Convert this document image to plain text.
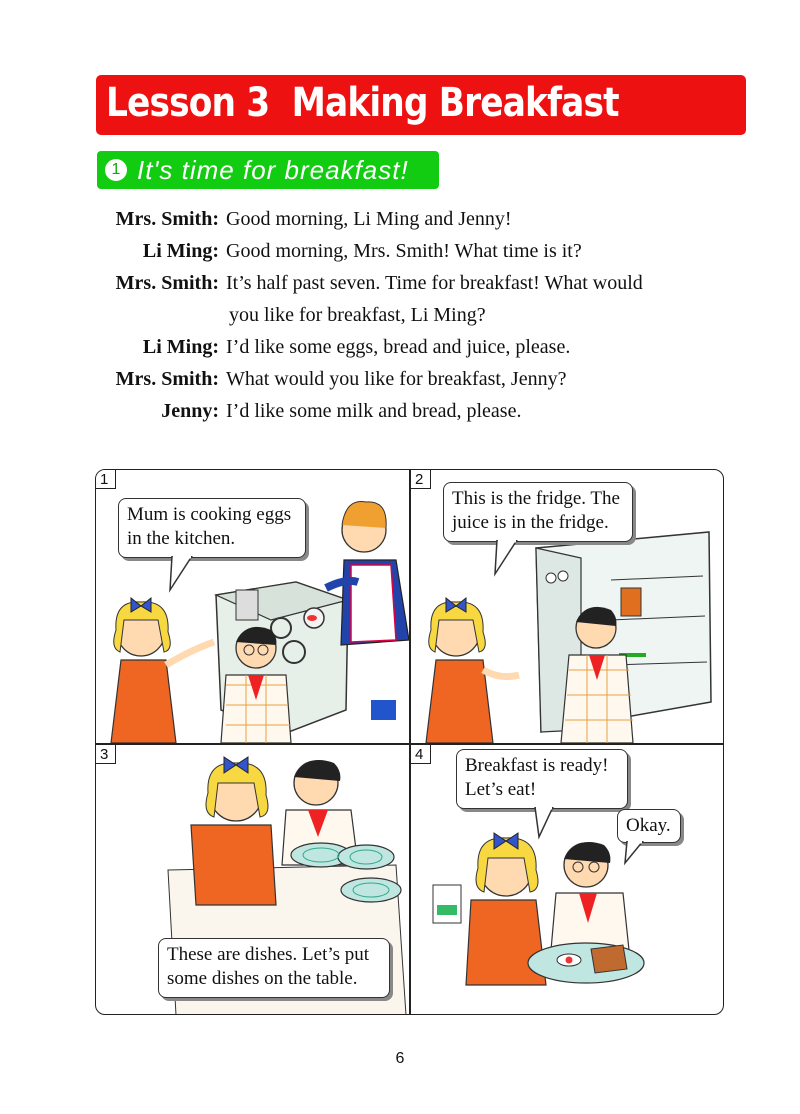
Lesson 3  Making Breakfast
1 It's time for breakfast!
Mrs. Smith: Good morning, Li Ming and Jenny!
Li Ming: Good morning, Mrs. Smith! What time is it?
Mrs. Smith: It’s half past seven. Time for breakfast! What would
you like for breakfast, Li Ming?
Li Ming: I’d like some eggs, bread and juice, please.
Mrs. Smith: What would you like for breakfast, Jenny?
Jenny: I’d like some milk and bread, please.
1
Mum is cooking eggs
in the kitchen.
2
This is the fridge. The
juice is in the fridge.
3
These are dishes. Let’s put
some dishes on the table.
4
Breakfast is ready!
Let’s eat!
Okay.
6
